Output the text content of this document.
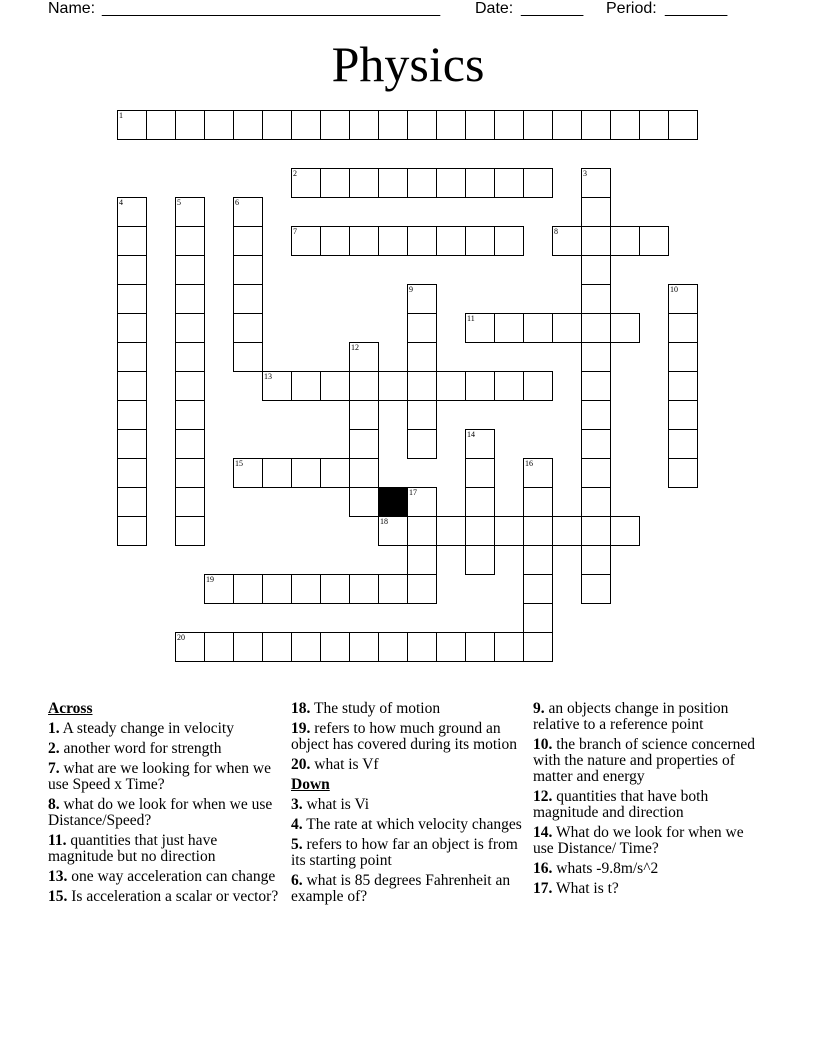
Name:

______________________________________

Date:

_______

Period:

_______

Physics
1
2	3
4	5	6
7	8
9	10
11
12
13
14
15	16
17
18
19
20
Across
1. A steady change in velocity
2. another word for strength
7. what are we looking for when we use Speed x Time?
8. what do we look for when we use Distance/Speed?
11. quantities that just have magnitude but no direction
13. one way acceleration can change
15. Is acceleration a scalar or vector?
18. The study of motion
19. refers to how much ground an object has covered during its motion
20. what is Vf
Down
3. what is Vi
4. The rate at which velocity changes
5. refers to how far an object is from its starting point
6. what is 85 degrees Fahrenheit an example of?
9. an objects change in position relative to a reference point
10. the branch of science concerned with the nature and properties of matter and energy
12. quantities that have both magnitude and direction
14. What do we look for when we use Distance/ Time?
16. whats -9.8m/s^2
17. What is t?
